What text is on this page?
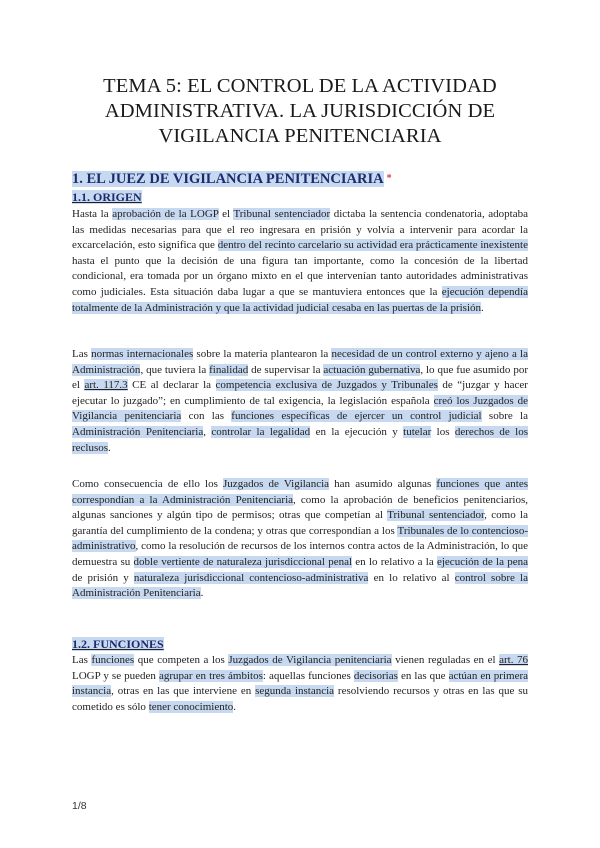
TEMA 5: EL CONTROL DE LA ACTIVIDAD
ADMINISTRATIVA. LA JURISDICCIÓN DE
VIGILANCIA PENITENCIARIA
1. EL JUEZ DE VIGILANCIA PENITENCIARIA *
1.1. ORIGEN

Hasta la aprobación de la LOGP el Tribunal sentenciador dictaba la sentencia condenatoria, adoptaba las medidas necesarias para que el reo ingresara en prisión y volvía a intervenir para acordar la excarcelación, esto significa que dentro del recinto carcelario su actividad era prácticamente inexistente hasta el punto que la decisión de una figura tan importante, como la concesión de la libertad condicional, era tomada por un órgano mixto en el que intervenían tanto autoridades administrativas como judiciales. Esta situación daba lugar a que se mantuviera entonces que la ejecución dependía totalmente de la Administración y que la actividad judicial cesaba en las puertas de la prisión.

Las normas internacionales sobre la materia plantearon la necesidad de un control externo y ajeno a la Administración, que tuviera la finalidad de supervisar la actuación gubernativa, lo que fue asumido por el art. 117.3 CE al declarar la competencia exclusiva de Juzgados y Tribunales de “juzgar y hacer ejecutar lo juzgado”; en cumplimiento de tal exigencia, la legislación española creó los Juzgados de Vigilancia penitenciaria con las funciones específicas de ejercer un control judicial sobre la Administración Penitenciaria, controlar la legalidad en la ejecución y tutelar los derechos de los reclusos.

Como consecuencia de ello los Juzgados de Vigilancia han asumido algunas funciones que antes correspondían a la Administración Penitenciaria, como la aprobación de beneficios penitenciarios, algunas sanciones y algún tipo de permisos; otras que competían al Tribunal sentenciador, como la garantía del cumplimiento de la condena; y otras que correspondían a los Tribunales de lo contencioso-administrativo, como la resolución de recursos de los internos contra actos de la Administración, lo que demuestra su doble vertiente de naturaleza jurisdiccional penal en lo relativo a la ejecución de la pena de prisión y naturaleza jurisdiccional contencioso-administrativa en lo relativo al control sobre la Administración Penitenciaria.

1.2. FUNCIONES

Las funciones que competen a los Juzgados de Vigilancia penitenciaria vienen reguladas en el art. 76 LOGP y se pueden agrupar en tres ámbitos: aquellas funciones decisorias en las que actúan en primera instancia, otras en las que interviene en segunda instancia resolviendo recursos y otras en las que su cometido es sólo tener conocimiento.

1/8
